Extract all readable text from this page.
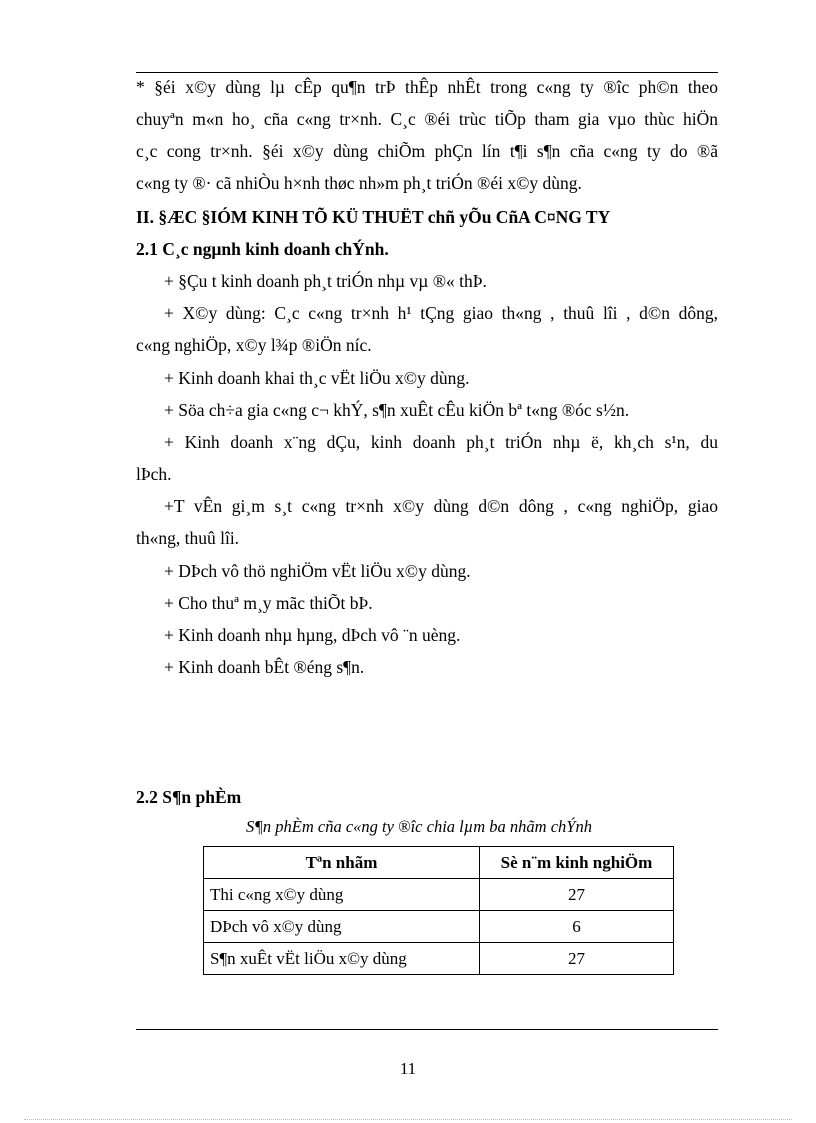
* §éi x©y dùng lµ cÊp qu¶n trÞ thÊp nhÊt trong c«ng ty ®îc ph©n theo
chuyªn m«n ho¸ cña c«ng tr×nh. C¸c ®éi trùc tiÕp tham gia vµo thùc hiÖn
c¸c cong tr×nh. §éi x©y dùng chiÕm phÇn lín t¶i s¶n cña c«ng ty do ®ã
c«ng ty ®· cã nhiÒu h×nh thøc nh»m ph¸t triÓn ®éi x©y dùng.
II. §ÆC §IÓM KINH TÕ KÜ THUËT chñ yÕu CñA C¤NG TY
2.1 C¸c ngµnh kinh doanh chÝnh.
+ §Çu t kinh doanh ph¸t triÓn nhµ vµ ®« thÞ.
+ X©y dùng: C¸c c«ng tr×nh h¹ tÇng giao th«ng , thuû lîi , d©n dông,
c«ng nghiÖp, x©y l¾p ®iÖn níc.
+ Kinh doanh khai th¸c vËt liÖu x©y dùng.
+ Söa ch÷a gia c«ng c¬ khÝ, s¶n xuÊt cÊu kiÖn bª t«ng ®óc s½n.
+ Kinh doanh x¨ng dÇu, kinh doanh ph¸t triÓn nhµ ë, kh¸ch s¹n, du
lÞch.
+T vÊn gi¸m s¸t c«ng tr×nh x©y dùng d©n dông , c«ng nghiÖp, giao
th«ng, thuû lîi.
+ DÞch vô thö nghiÖm vËt liÖu x©y dùng.
+ Cho thuª m¸y mãc thiÕt bÞ.
+ Kinh doanh nhµ hµng, dÞch vô ¨n uèng.
+ Kinh doanh bÊt ®éng s¶n.
2.2 S¶n phÈm
S¶n phÈm cña c«ng ty ®îc chia lµm ba nhãm chÝnh
Tªn nhãm	Sè n¨m kinh nghiÖm
Thi c«ng x©y dùng	27
DÞch vô x©y dùng	6
S¶n xuÊt vËt liÖu x©y dùng	27
11
